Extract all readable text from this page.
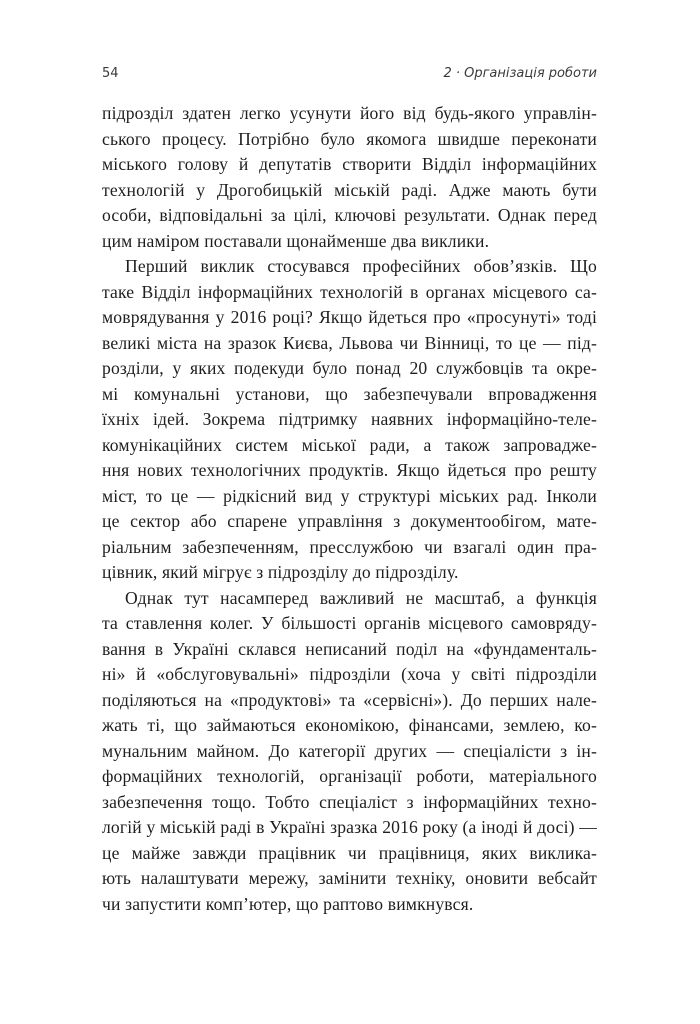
54	2 · Організація роботи
підрозділ здатен легко усунути його від будь-якого управлін-
ського процесу. Потрібно було якомога швидше переконати
міського голову й депутатів створити Відділ інформаційних
технологій у Дрогобицькій міській раді. Адже мають бути
особи, відповідальні за цілі, ключові результати. Однак перед
цим наміром поставали щонайменше два виклики.
Перший виклик стосувався професійних обов’язків. Що
таке Відділ інформаційних технологій в органах місцевого са-
моврядування у 2016 році? Якщо йдеться про «просунуті» тоді
великі міста на зразок Києва, Львова чи Вінниці, то це — під-
розділи, у яких подекуди було понад 20 службовців та окре-
мі комунальні установи, що забезпечували впровадження
їхніх ідей. Зокрема підтримку наявних інформаційно-теле-
комунікаційних систем міської ради, а також запровадже-
ння нових технологічних продуктів. Якщо йдеться про решту
міст, то це — рідкісний вид у структурі міських рад. Інколи
це сектор або спарене управління з документообігом, мате-
ріальним забезпеченням, пресслужбою чи взагалі один пра-
цівник, який мігрує з підрозділу до підрозділу.
Однак тут насамперед важливий не масштаб, а функція
та ставлення колег. У більшості органів місцевого самовряду-
вання в Україні склався неписаний поділ на «фундаменталь-
ні» й «обслуговувальні» підрозділи (хоча у світі підрозділи
поділяються на «продуктові» та «сервісні»). До перших нале-
жать ті, що займаються економікою, фінансами, землею, ко-
мунальним майном. До категорії других — спеціалісти з ін-
формаційних технологій, організації роботи, матеріального
забезпечення тощо. Тобто спеціаліст з інформаційних техно-
логій у міській раді в Україні зразка 2016 року (а іноді й досі) —
це майже завжди працівник чи працівниця, яких виклика-
ють налаштувати мережу, замінити техніку, оновити вебсайт
чи запустити комп’ютер, що раптово вимкнувся.
